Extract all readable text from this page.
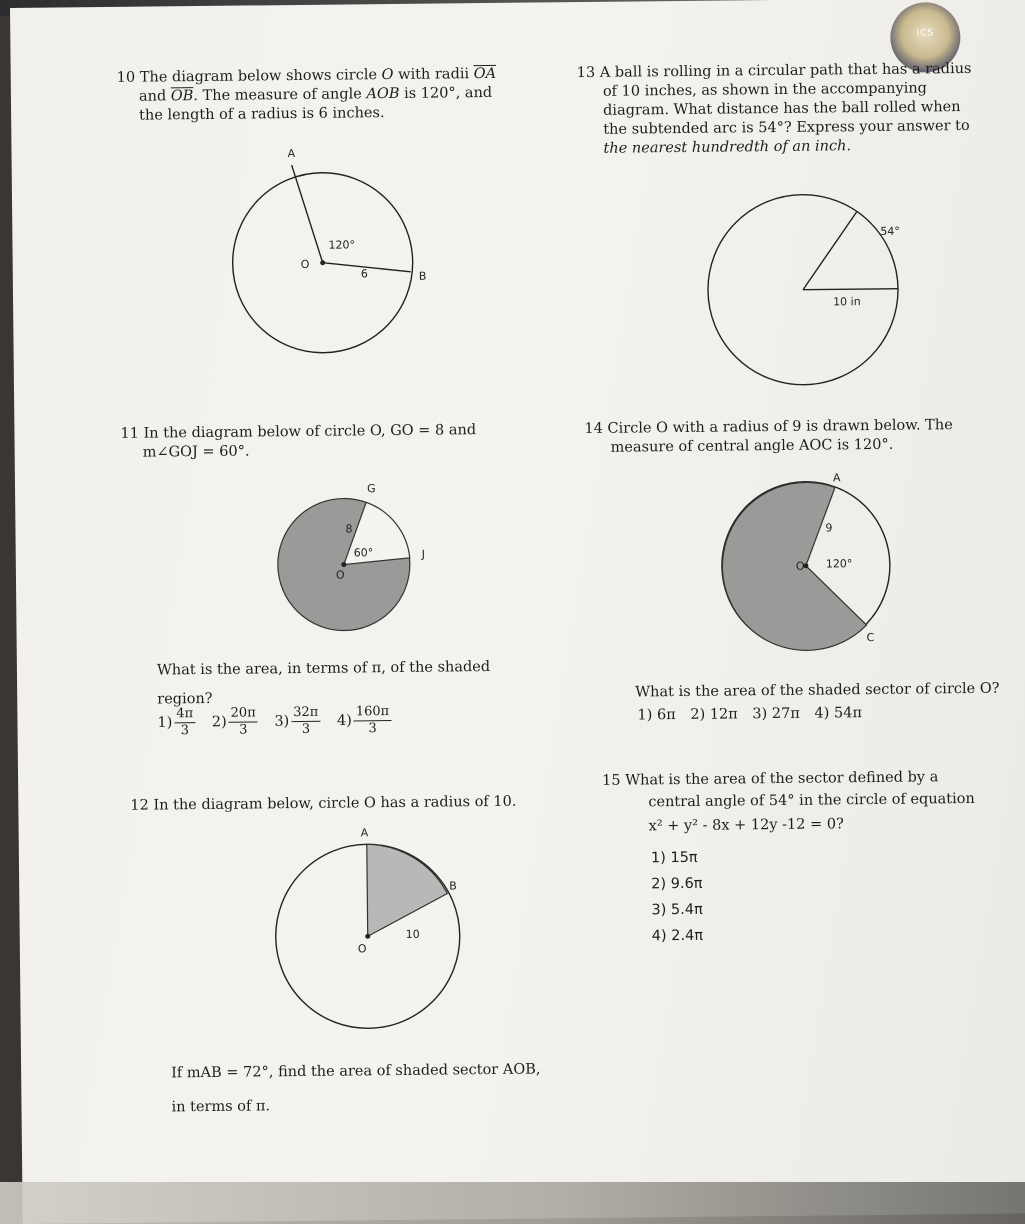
ICS
10 The diagram below shows circle O with radii $\overline{OA}$
and $\overline{OB}$. The measure of angle AOB is 120°, and
the length of a radius is 6 inches.
A
O
B
120°
6
13 A ball is rolling in a circular path that has a radius
of 10 inches, as shown in the accompanying
diagram. What distance has the ball rolled when
the subtended arc is 54°? Express your answer to
the nearest hundredth of an inch.
54°
10 in
11 In the diagram below of circle O, GO = 8 and
m∠GOJ = 60°.
G
O
J
8
60°
What is the area, in terms of π, of the shaded
region?
$1) \frac{4\pi}{3} 2) \frac{20\pi}{3} 3) \frac{32\pi}{3} 4) \frac{160\pi}{3}$
14 Circle O with a radius of 9 is drawn below. The
measure of central angle AOC is 120°.
A
O
C
9
120°
What is the area of the shaded sector of circle O?
1) 6π 2) 12π 3) 27π 4) 54π
12 In the diagram below, circle O has a radius of 10.
A
O
B
10
If mAB = 72°, find the area of shaded sector AOB,
in terms of π.
15 What is the area of the sector defined by a
central angle of 54° in the circle of equation
x² + y² - 8x + 12y -12 = 0?
1) 15π
2) 9.6π
3) 5.4π
4) 2.4π
